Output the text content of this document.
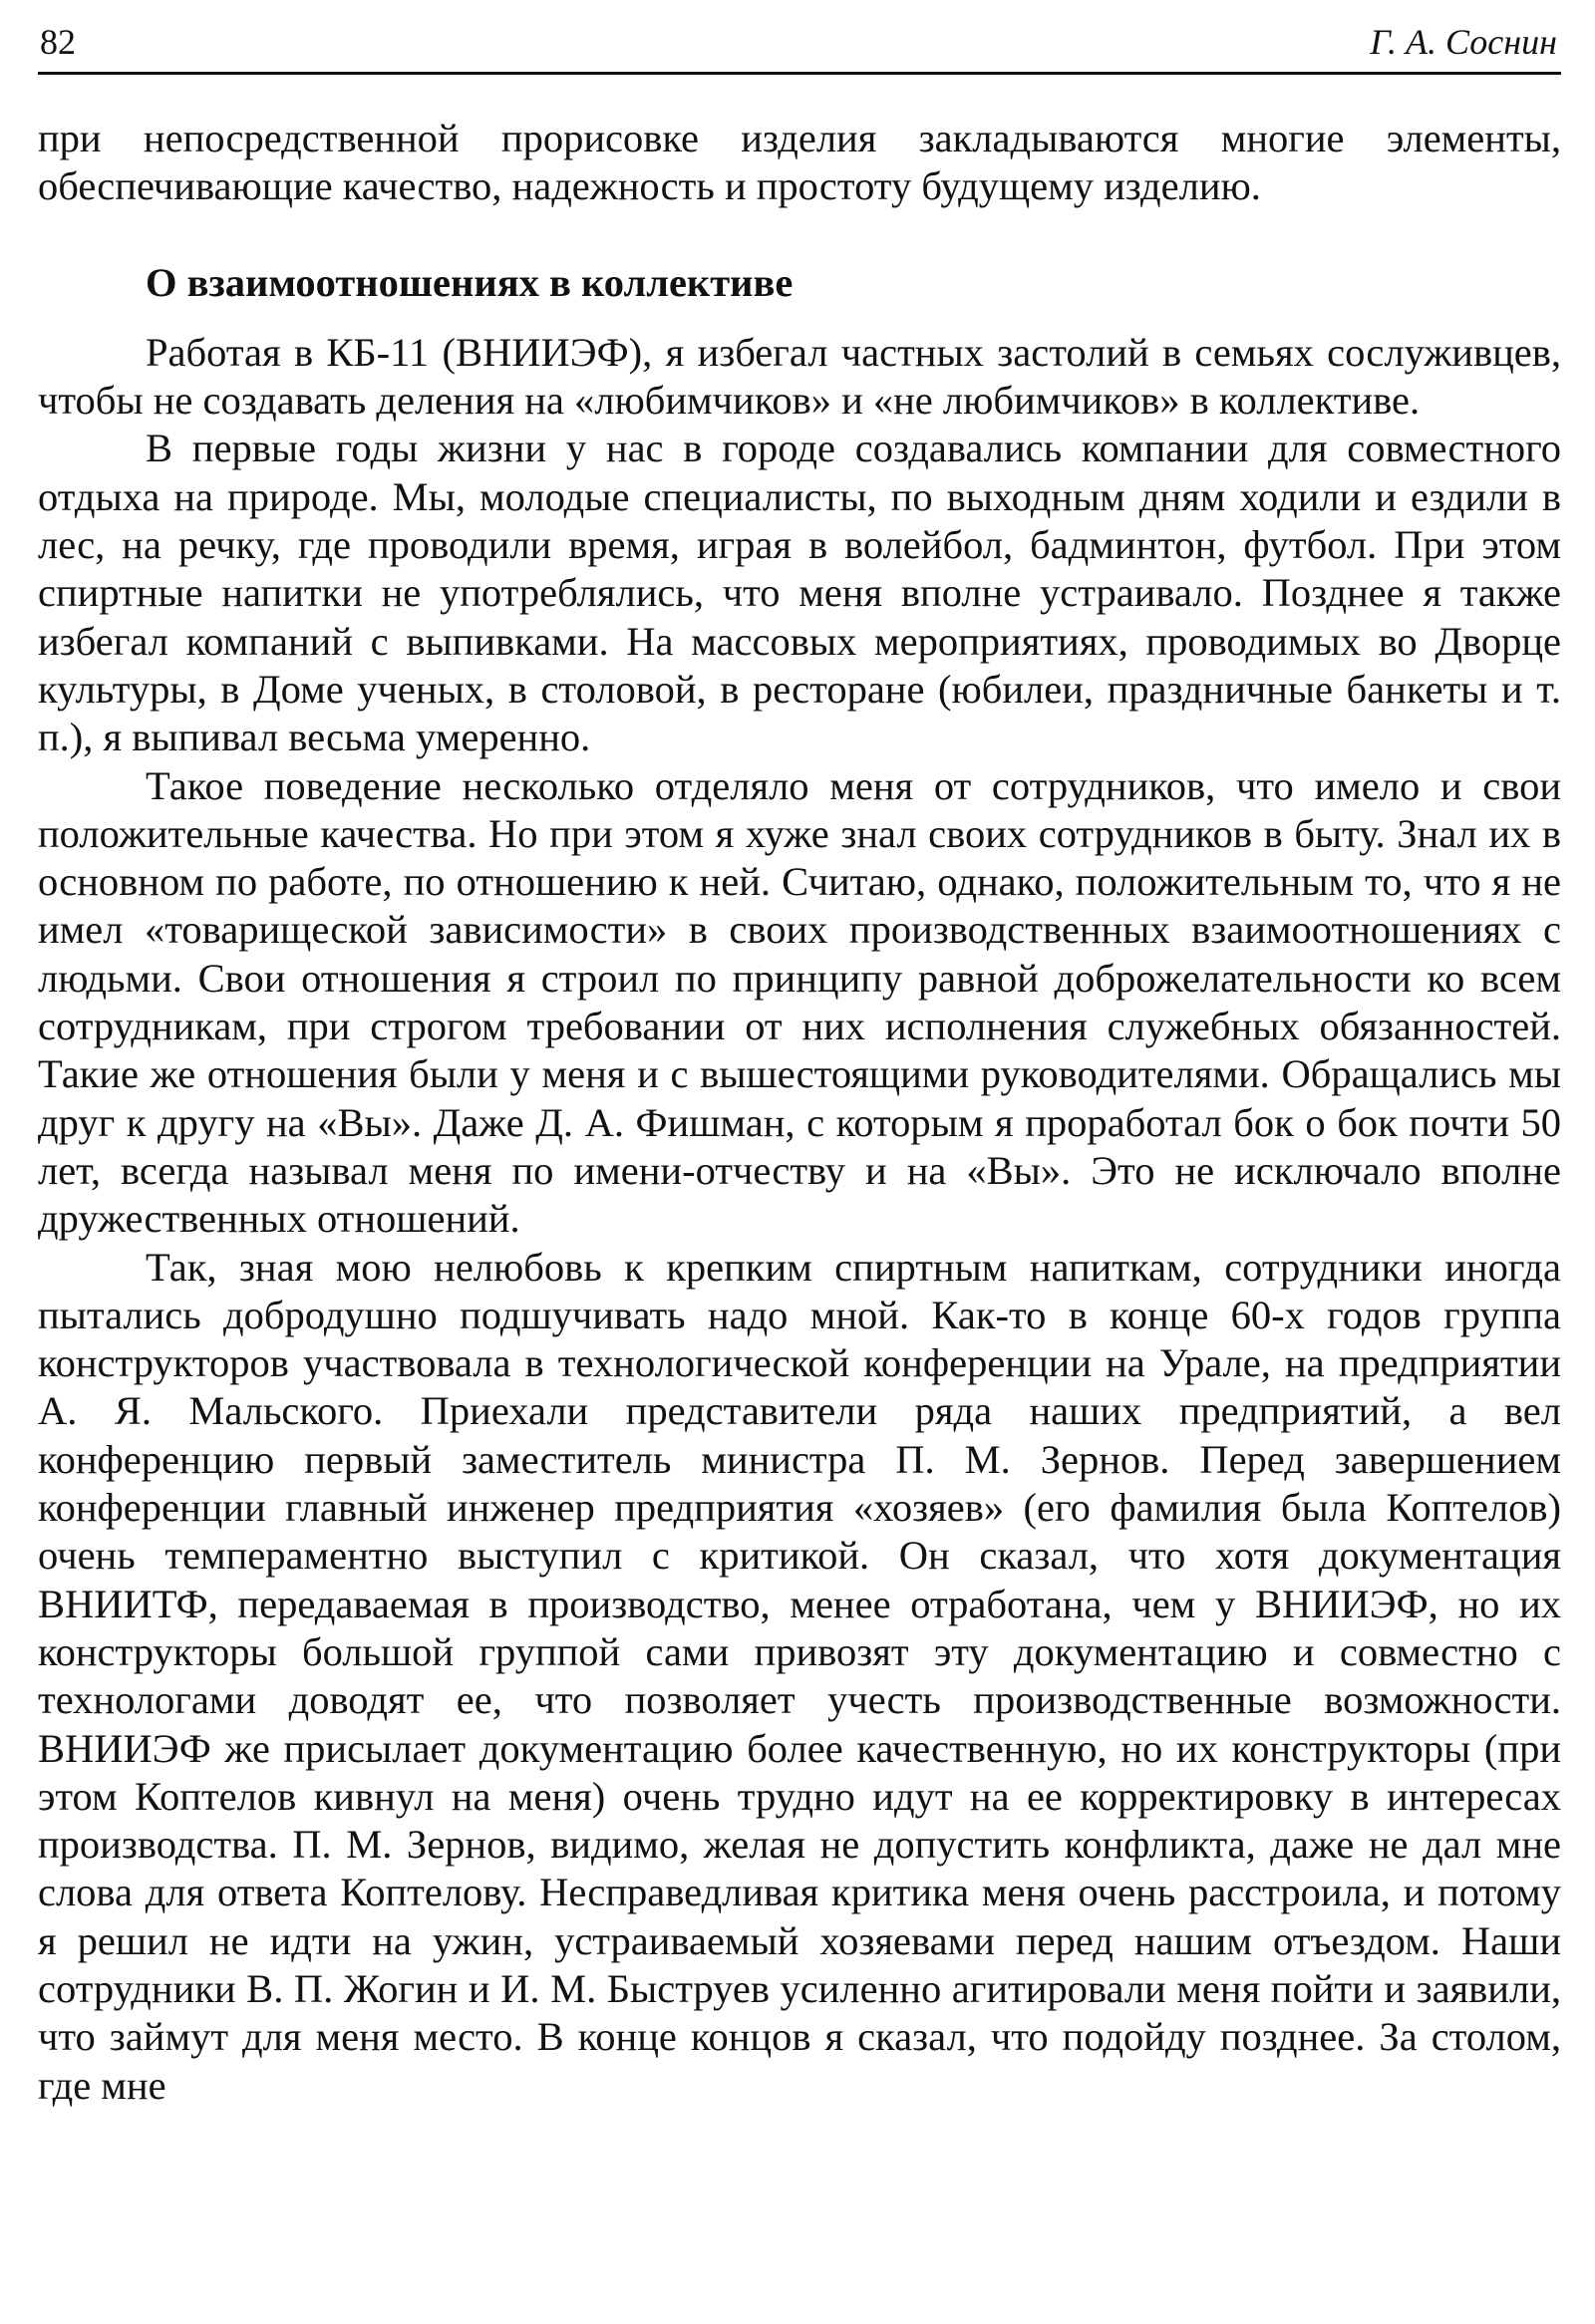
82	Г. А. Соснин

при непосредственной прорисовке изделия закладываются многие элементы, обеспечивающие качество, надежность и простоту будущему изделию.

О взаимоотношениях в коллективе

Работая в КБ-11 (ВНИИЭФ), я избегал частных застолий в семьях сослуживцев, чтобы не создавать деления на «любимчиков» и «не любимчиков» в коллективе.

В первые годы жизни у нас в городе создавались компании для совместного отдыха на природе. Мы, молодые специалисты, по выходным дням ходили и ездили в лес, на речку, где проводили время, играя в волейбол, бадминтон, футбол. При этом спиртные напитки не употреблялись, что меня вполне устраивало. Позднее я также избегал компаний с выпивками. На массовых мероприятиях, проводимых во Дворце культуры, в Доме ученых, в столовой, в ресторане (юбилеи, праздничные банкеты и т. п.), я выпивал весьма умеренно.

Такое поведение несколько отделяло меня от сотрудников, что имело и свои положительные качества. Но при этом я хуже знал своих сотрудников в быту. Знал их в основном по работе, по отношению к ней. Считаю, однако, положительным то, что я не имел «товарищеской зависимости» в своих производственных взаимоотношениях с людьми. Свои отношения я строил по принципу равной доброжелательности ко всем сотрудникам, при строгом требовании от них исполнения служебных обязанностей. Такие же отношения были у меня и с вышестоящими руководителями. Обращались мы друг к другу на «Вы». Даже Д. А. Фишман, с которым я проработал бок о бок почти 50 лет, всегда называл меня по имени-отчеству и на «Вы». Это не исключало вполне дружественных отношений.

Так, зная мою нелюбовь к крепким спиртным напиткам, сотрудники иногда пытались добродушно подшучивать надо мной. Как-то в конце 60-х годов группа конструкторов участвовала в технологической конференции на Урале, на предприятии А. Я. Мальского. Приехали представители ряда наших предприятий, а вел конференцию первый заместитель министра П. М. Зернов. Перед завершением конференции главный инженер предприятия «хозяев» (его фамилия была Коптелов) очень темпераментно выступил с критикой. Он сказал, что хотя документация ВНИИТФ, передаваемая в производство, менее отработана, чем у ВНИИЭФ, но их конструкторы большой группой сами привозят эту документацию и совместно с технологами доводят ее, что позволяет учесть производственные возможности. ВНИИЭФ же присылает документацию более качественную, но их конструкторы (при этом Коптелов кивнул на меня) очень трудно идут на ее корректировку в интересах производства. П. М. Зернов, видимо, желая не допустить конфликта, даже не дал мне слова для ответа Коптелову. Несправедливая критика меня очень расстроила, и потому я решил не идти на ужин, устраиваемый хозяевами перед нашим отъездом. Наши сотрудники В. П. Жогин и И. М. Быструев усиленно агитировали меня пойти и заявили, что займут для меня место. В конце концов я сказал, что подойду позднее. За столом, где мне
